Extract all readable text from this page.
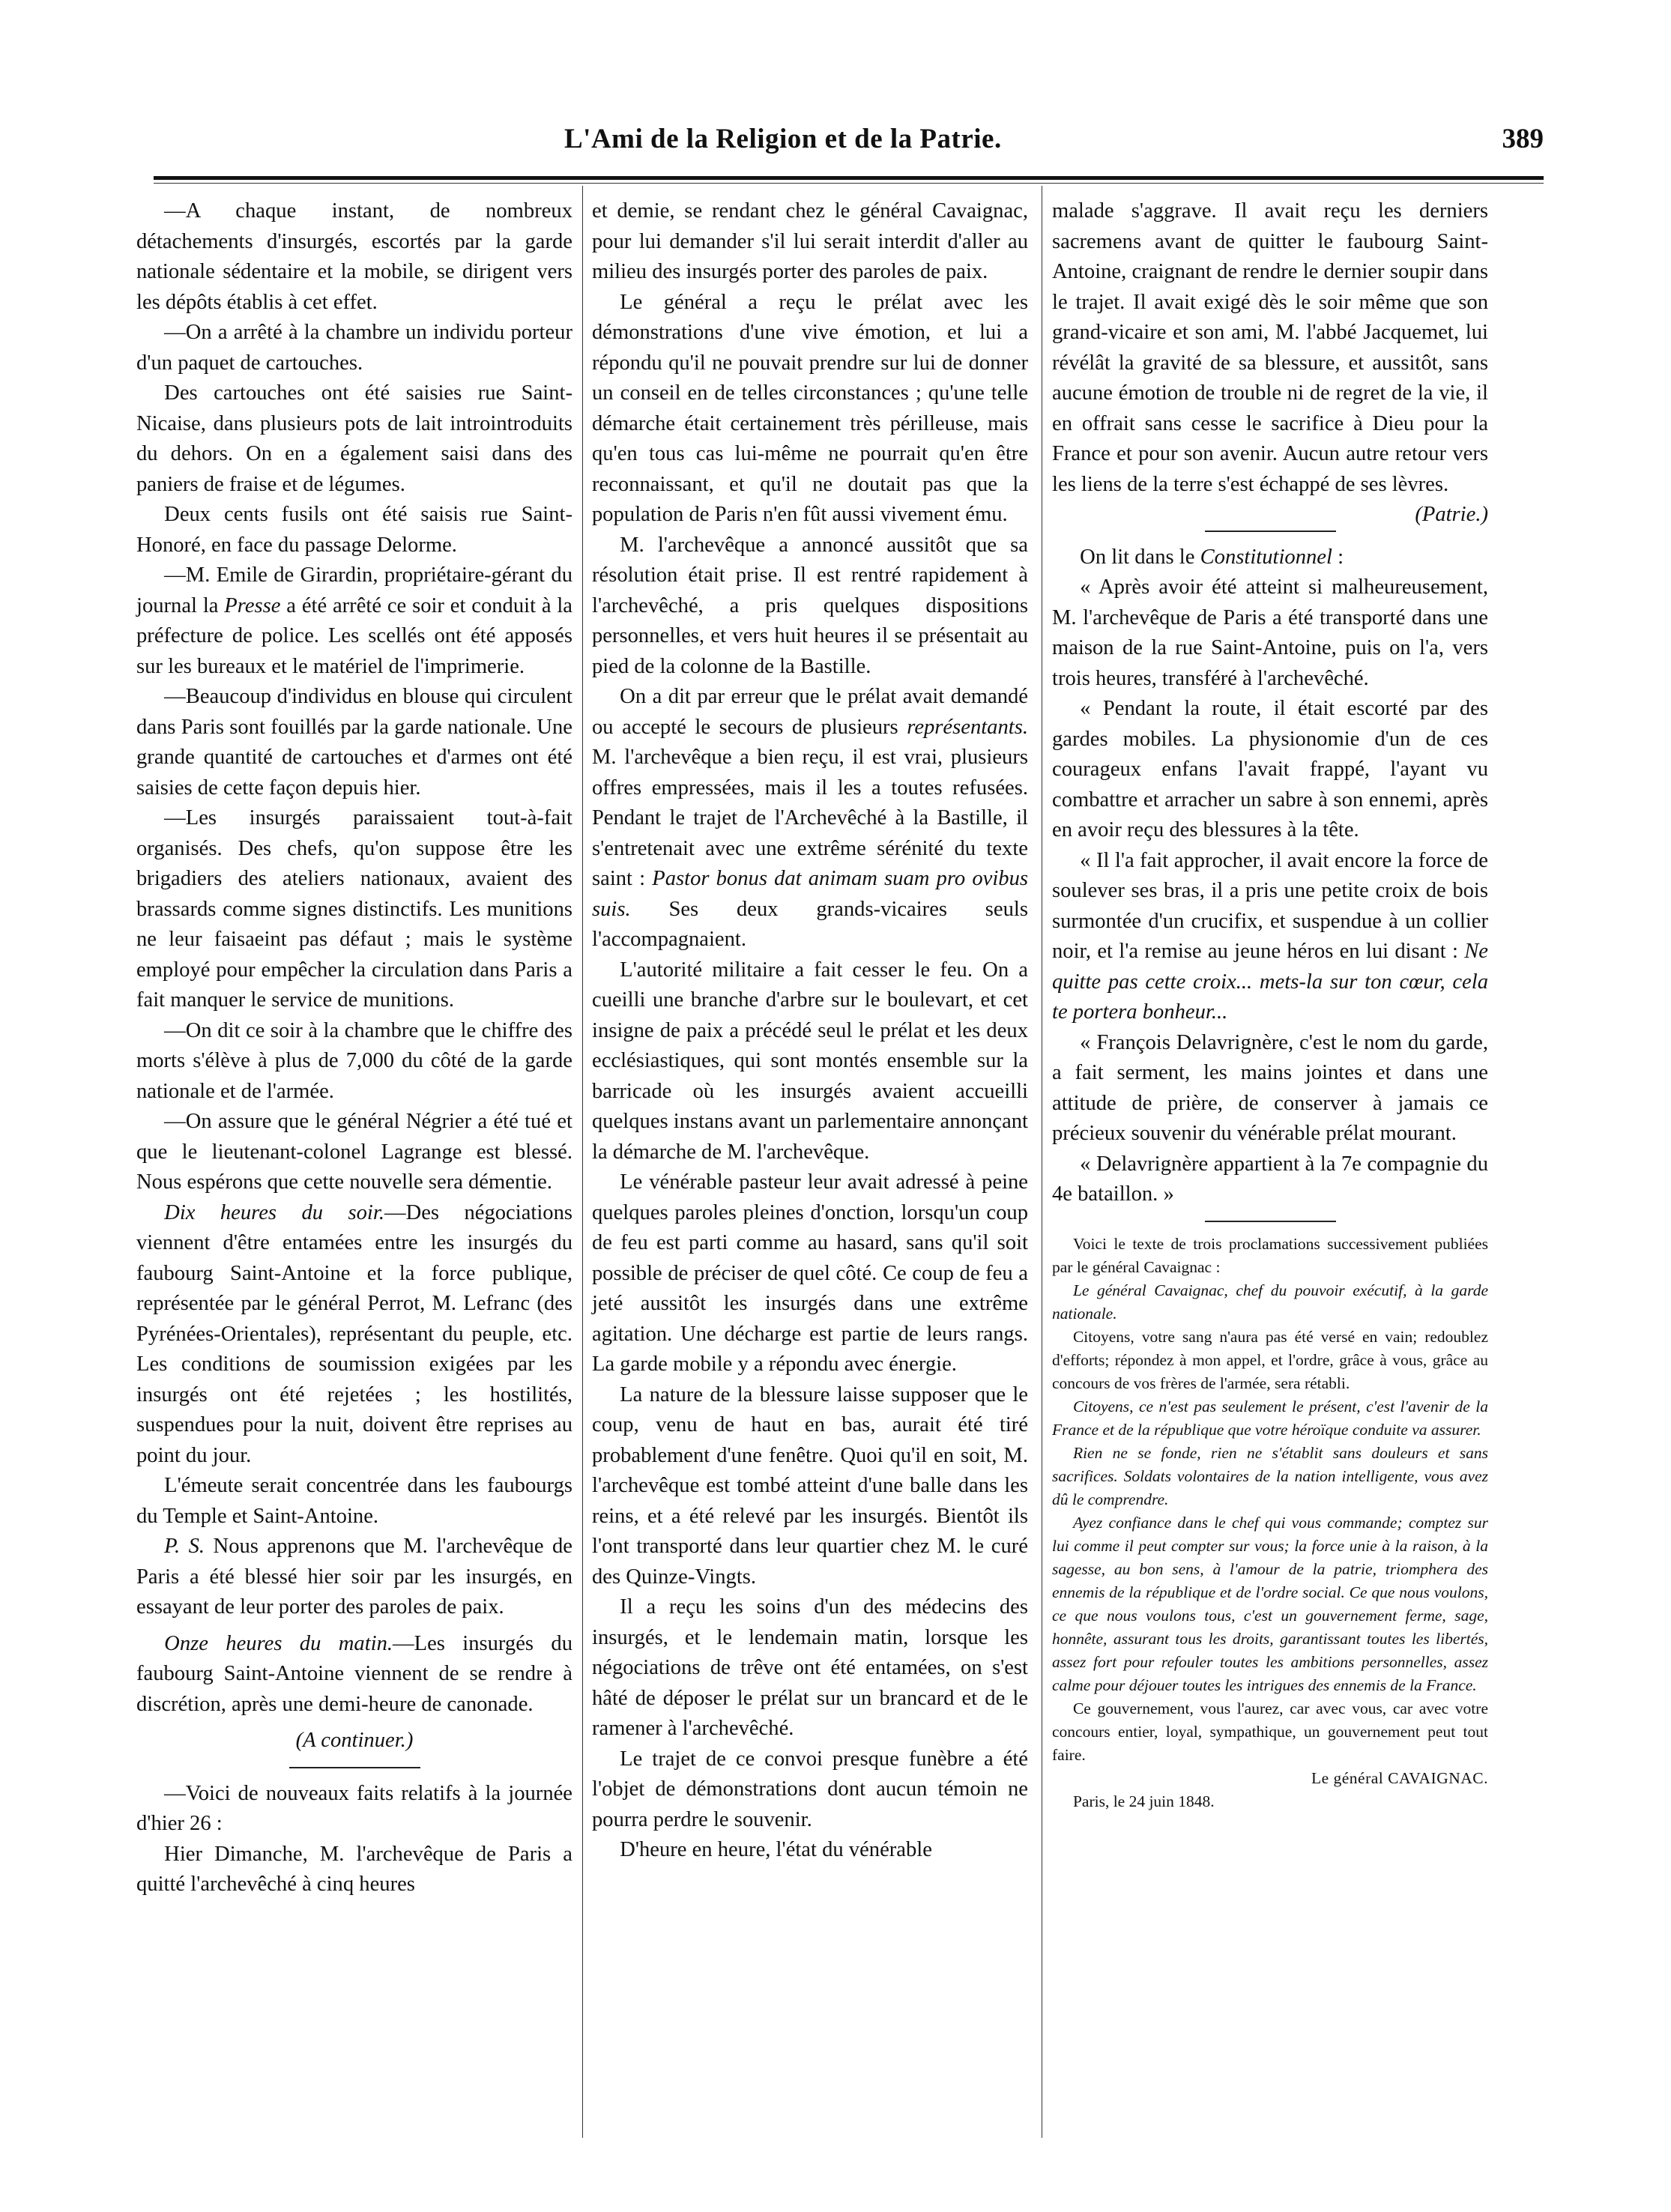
L'Ami de la Religion et de la Patrie.	389

—A chaque instant, de nombreux détachements d'insurgés, escortés par la garde nationale sédentaire et la mobile, se dirigent vers les dépôts établis à cet effet.

—On a arrêté à la chambre un individu porteur d'un paquet de cartouches.

Des cartouches ont été saisies rue Saint-Nicaise, dans plusieurs pots de lait introintroduits du dehors. On en a également saisi dans des paniers de fraise et de légumes.

Deux cents fusils ont été saisis rue Saint-Honoré, en face du passage Delorme.

—M. Emile de Girardin, propriétaire-gérant du journal la Presse a été arrêté ce soir et conduit à la préfecture de police. Les scellés ont été apposés sur les bureaux et le matériel de l'imprimerie.

—Beaucoup d'individus en blouse qui circulent dans Paris sont fouillés par la garde nationale. Une grande quantité de cartouches et d'armes ont été saisies de cette façon depuis hier.

—Les insurgés paraissaient tout-à-fait organisés. Des chefs, qu'on suppose être les brigadiers des ateliers nationaux, avaient des brassards comme signes distinctifs. Les munitions ne leur faisaeint pas défaut ; mais le système employé pour empêcher la circulation dans Paris a fait manquer le service de munitions.

—On dit ce soir à la chambre que le chiffre des morts s'élève à plus de 7,000 du côté de la garde nationale et de l'armée.

—On assure que le général Négrier a été tué et que le lieutenant-colonel Lagrange est blessé. Nous espérons que cette nouvelle sera démentie.

Dix heures du soir.—Des négociations viennent d'être entamées entre les insurgés du faubourg Saint-Antoine et la force publique, représentée par le général Perrot, M. Lefranc (des Pyrénées-Orientales), représentant du peuple, etc. Les conditions de soumission exigées par les insurgés ont été rejetées ; les hostilités, suspendues pour la nuit, doivent être reprises au point du jour.

L'émeute serait concentrée dans les faubourgs du Temple et Saint-Antoine.

P. S. Nous apprenons que M. l'archevêque de Paris a été blessé hier soir par les insurgés, en essayant de leur porter des paroles de paix.

Onze heures du matin.—Les insurgés du faubourg Saint-Antoine viennent de se rendre à discrétion, après une demi-heure de canonade.

(A continuer.)

—Voici de nouveaux faits relatifs à la journée d'hier 26 :

Hier Dimanche, M. l'archevêque de Paris a quitté l'archevêché à cinq heures

et demie, se rendant chez le général Cavaignac, pour lui demander s'il lui serait interdit d'aller au milieu des insurgés porter des paroles de paix.

Le général a reçu le prélat avec les démonstrations d'une vive émotion, et lui a répondu qu'il ne pouvait prendre sur lui de donner un conseil en de telles circonstances ; qu'une telle démarche était certainement très périlleuse, mais qu'en tous cas lui-même ne pourrait qu'en être reconnaissant, et qu'il ne doutait pas que la population de Paris n'en fût aussi vivement ému.

M. l'archevêque a annoncé aussitôt que sa résolution était prise. Il est rentré rapidement à l'archevêché, a pris quelques dispositions personnelles, et vers huit heures il se présentait au pied de la colonne de la Bastille.

On a dit par erreur que le prélat avait demandé ou accepté le secours de plusieurs représentants. M. l'archevêque a bien reçu, il est vrai, plusieurs offres empressées, mais il les a toutes refusées. Pendant le trajet de l'Archevêché à la Bastille, il s'entretenait avec une extrême sérénité du texte saint : Pastor bonus dat animam suam pro ovibus suis. Ses deux grands-vicaires seuls l'accompagnaient.

L'autorité militaire a fait cesser le feu. On a cueilli une branche d'arbre sur le boulevart, et cet insigne de paix a précédé seul le prélat et les deux ecclésiastiques, qui sont montés ensemble sur la barricade où les insurgés avaient accueilli quelques instans avant un parlementaire annonçant la démarche de M. l'archevêque.

Le vénérable pasteur leur avait adressé à peine quelques paroles pleines d'onction, lorsqu'un coup de feu est parti comme au hasard, sans qu'il soit possible de préciser de quel côté. Ce coup de feu a jeté aussitôt les insurgés dans une extrême agitation. Une décharge est partie de leurs rangs. La garde mobile y a répondu avec énergie.

La nature de la blessure laisse supposer que le coup, venu de haut en bas, aurait été tiré probablement d'une fenêtre. Quoi qu'il en soit, M. l'archevêque est tombé atteint d'une balle dans les reins, et a été relevé par les insurgés. Bientôt ils l'ont transporté dans leur quartier chez M. le curé des Quinze-Vingts.

Il a reçu les soins d'un des médecins des insurgés, et le lendemain matin, lorsque les négociations de trêve ont été entamées, on s'est hâté de déposer le prélat sur un brancard et de le ramener à l'archevêché.

Le trajet de ce convoi presque funèbre a été l'objet de démonstrations dont aucun témoin ne pourra perdre le souvenir.

D'heure en heure, l'état du vénérable

malade s'aggrave. Il avait reçu les derniers sacremens avant de quitter le faubourg Saint-Antoine, craignant de rendre le dernier soupir dans le trajet. Il avait exigé dès le soir même que son grand-vicaire et son ami, M. l'abbé Jacquemet, lui révélât la gravité de sa blessure, et aussitôt, sans aucune émotion de trouble ni de regret de la vie, il en offrait sans cesse le sacrifice à Dieu pour la France et pour son avenir. Aucun autre retour vers les liens de la terre s'est échappé de ses lèvres.
(Patrie.)

On lit dans le Constitutionnel :

« Après avoir été atteint si malheureusement, M. l'archevêque de Paris a été transporté dans une maison de la rue Saint-Antoine, puis on l'a, vers trois heures, transféré à l'archevêché.

« Pendant la route, il était escorté par des gardes mobiles. La physionomie d'un de ces courageux enfans l'avait frappé, l'ayant vu combattre et arracher un sabre à son ennemi, après en avoir reçu des blessures à la tête.

« Il l'a fait approcher, il avait encore la force de soulever ses bras, il a pris une petite croix de bois surmontée d'un crucifix, et suspendue à un collier noir, et l'a remise au jeune héros en lui disant : Ne quitte pas cette croix... mets-la sur ton cœur, cela te portera bonheur...

« François Delavrignère, c'est le nom du garde, a fait serment, les mains jointes et dans une attitude de prière, de conserver à jamais ce précieux souvenir du vénérable prélat mourant.

« Delavrignère appartient à la 7e compagnie du 4e bataillon. »

Voici le texte de trois proclamations successivement publiées par le général Cavaignac :

Le général Cavaignac, chef du pouvoir exécutif, à la garde nationale.

Citoyens, votre sang n'aura pas été versé en vain; redoublez d'efforts; répondez à mon appel, et l'ordre, grâce à vous, grâce au concours de vos frères de l'armée, sera rétabli.

Citoyens, ce n'est pas seulement le présent, c'est l'avenir de la France et de la république que votre héroïque conduite va assurer.

Rien ne se fonde, rien ne s'établit sans douleurs et sans sacrifices. Soldats volontaires de la nation intelligente, vous avez dû le comprendre.

Ayez confiance dans le chef qui vous commande; comptez sur lui comme il peut compter sur vous; la force unie à la raison, à la sagesse, au bon sens, à l'amour de la patrie, triomphera des ennemis de la république et de l'ordre social. Ce que nous voulons, ce que nous voulons tous, c'est un gouvernement ferme, sage, honnête, assurant tous les droits, garantissant toutes les libertés, assez fort pour refouler toutes les ambitions personnelles, assez calme pour déjouer toutes les intrigues des ennemis de la France.

Ce gouvernement, vous l'aurez, car avec vous, car avec votre concours entier, loyal, sympathique, un gouvernement peut tout faire.

Le général CAVAIGNAC.

Paris, le 24 juin 1848.
